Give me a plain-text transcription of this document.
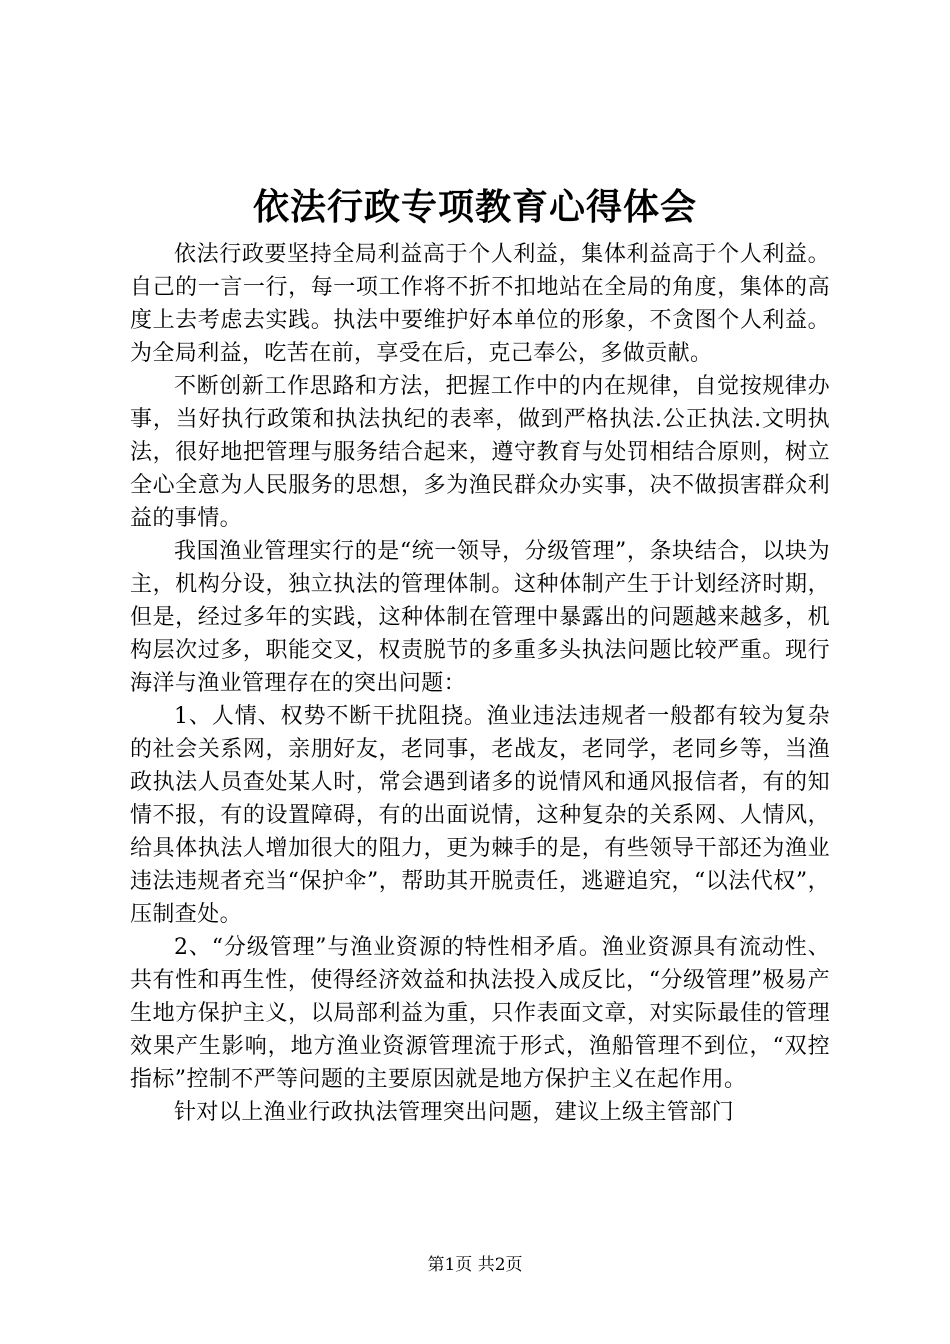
依法行政专项教育心得体会

依法行政要坚持全局利益高于个人利益，集体利益高于个人利益。自己的一言一行，每一项工作将不折不扣地站在全局的角度，集体的高度上去考虑去实践。执法中要维护好本单位的形象，不贪图个人利益。为全局利益，吃苦在前，享受在后，克己奉公，多做贡献。

不断创新工作思路和方法，把握工作中的内在规律，自觉按规律办事，当好执行政策和执法执纪的表率，做到严格执法.公正执法.文明执法，很好地把管理与服务结合起来，遵守教育与处罚相结合原则，树立全心全意为人民服务的思想，多为渔民群众办实事，决不做损害群众利益的事情。

我国渔业管理实行的是“统一领导，分级管理”，条块结合，以块为主，机构分设，独立执法的管理体制。这种体制产生于计划经济时期，但是，经过多年的实践，这种体制在管理中暴露出的问题越来越多，机构层次过多，职能交叉，权责脱节的多重多头执法问题比较严重。现行海洋与渔业管理存在的突出问题：

1、人情、权势不断干扰阻挠。渔业违法违规者一般都有较为复杂的社会关系网，亲朋好友，老同事，老战友，老同学，老同乡等，当渔政执法人员查处某人时，常会遇到诸多的说情风和通风报信者，有的知情不报，有的设置障碍，有的出面说情，这种复杂的关系网、人情风，给具体执法人增加很大的阻力，更为棘手的是，有些领导干部还为渔业违法违规者充当“保护伞”，帮助其开脱责任，逃避追究，“以法代权”，压制查处。

2、“分级管理”与渔业资源的特性相矛盾。渔业资源具有流动性、共有性和再生性，使得经济效益和执法投入成反比，“分级管理”极易产生地方保护主义，以局部利益为重，只作表面文章，对实际最佳的管理效果产生影响，地方渔业资源管理流于形式，渔船管理不到位，“双控指标”控制不严等问题的主要原因就是地方保护主义在起作用。

针对以上渔业行政执法管理突出问题，建议上级主管部门

第1页 共2页
